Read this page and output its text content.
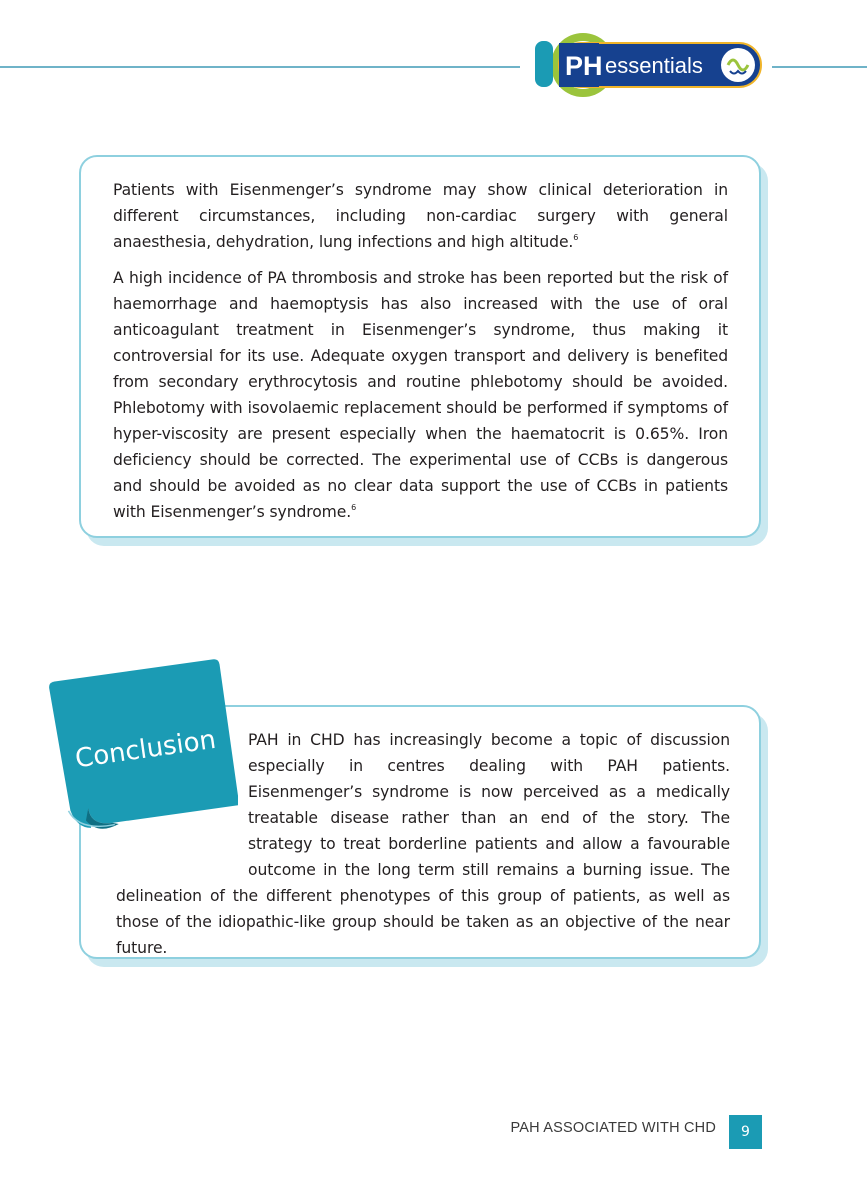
PH essentials

Patients with Eisenmenger’s syndrome may show clinical deterioration in different circumstances, including non-cardiac surgery with general anaesthesia, dehydration, lung infections and high altitude.$^6$

A high incidence of PA thrombosis and stroke has been reported but the risk of haemorrhage and haemoptysis has also increased with the use of oral anticoagulant treatment in Eisenmenger’s syndrome, thus making it controversial for its use. Adequate oxygen transport and delivery is benefited from secondary erythrocytosis and routine phlebotomy should be avoided. Phlebotomy with isovolaemic replacement should be performed if symptoms of hyper-viscosity are present especially when the haematocrit is 0.65%. Iron deficiency should be corrected. The experimental use of CCBs is dangerous and should be avoided as no clear data support the use of CCBs in patients with Eisenmenger’s syndrome.$^6$

PAH in CHD has increasingly become a topic of discussion especially in centres dealing with PAH patients. Eisenmenger’s syndrome is now perceived as a medically treatable disease rather than an end of the story. The strategy to treat borderline patients and allow a favourable outcome in the long term still remains a burning issue. The delineation of the different phenotypes of this group of patients, as well as those of the idiopathic-like group should be taken as an objective of the near future.

Conclusion
PAH ASSOCIATED WITH CHD	9
